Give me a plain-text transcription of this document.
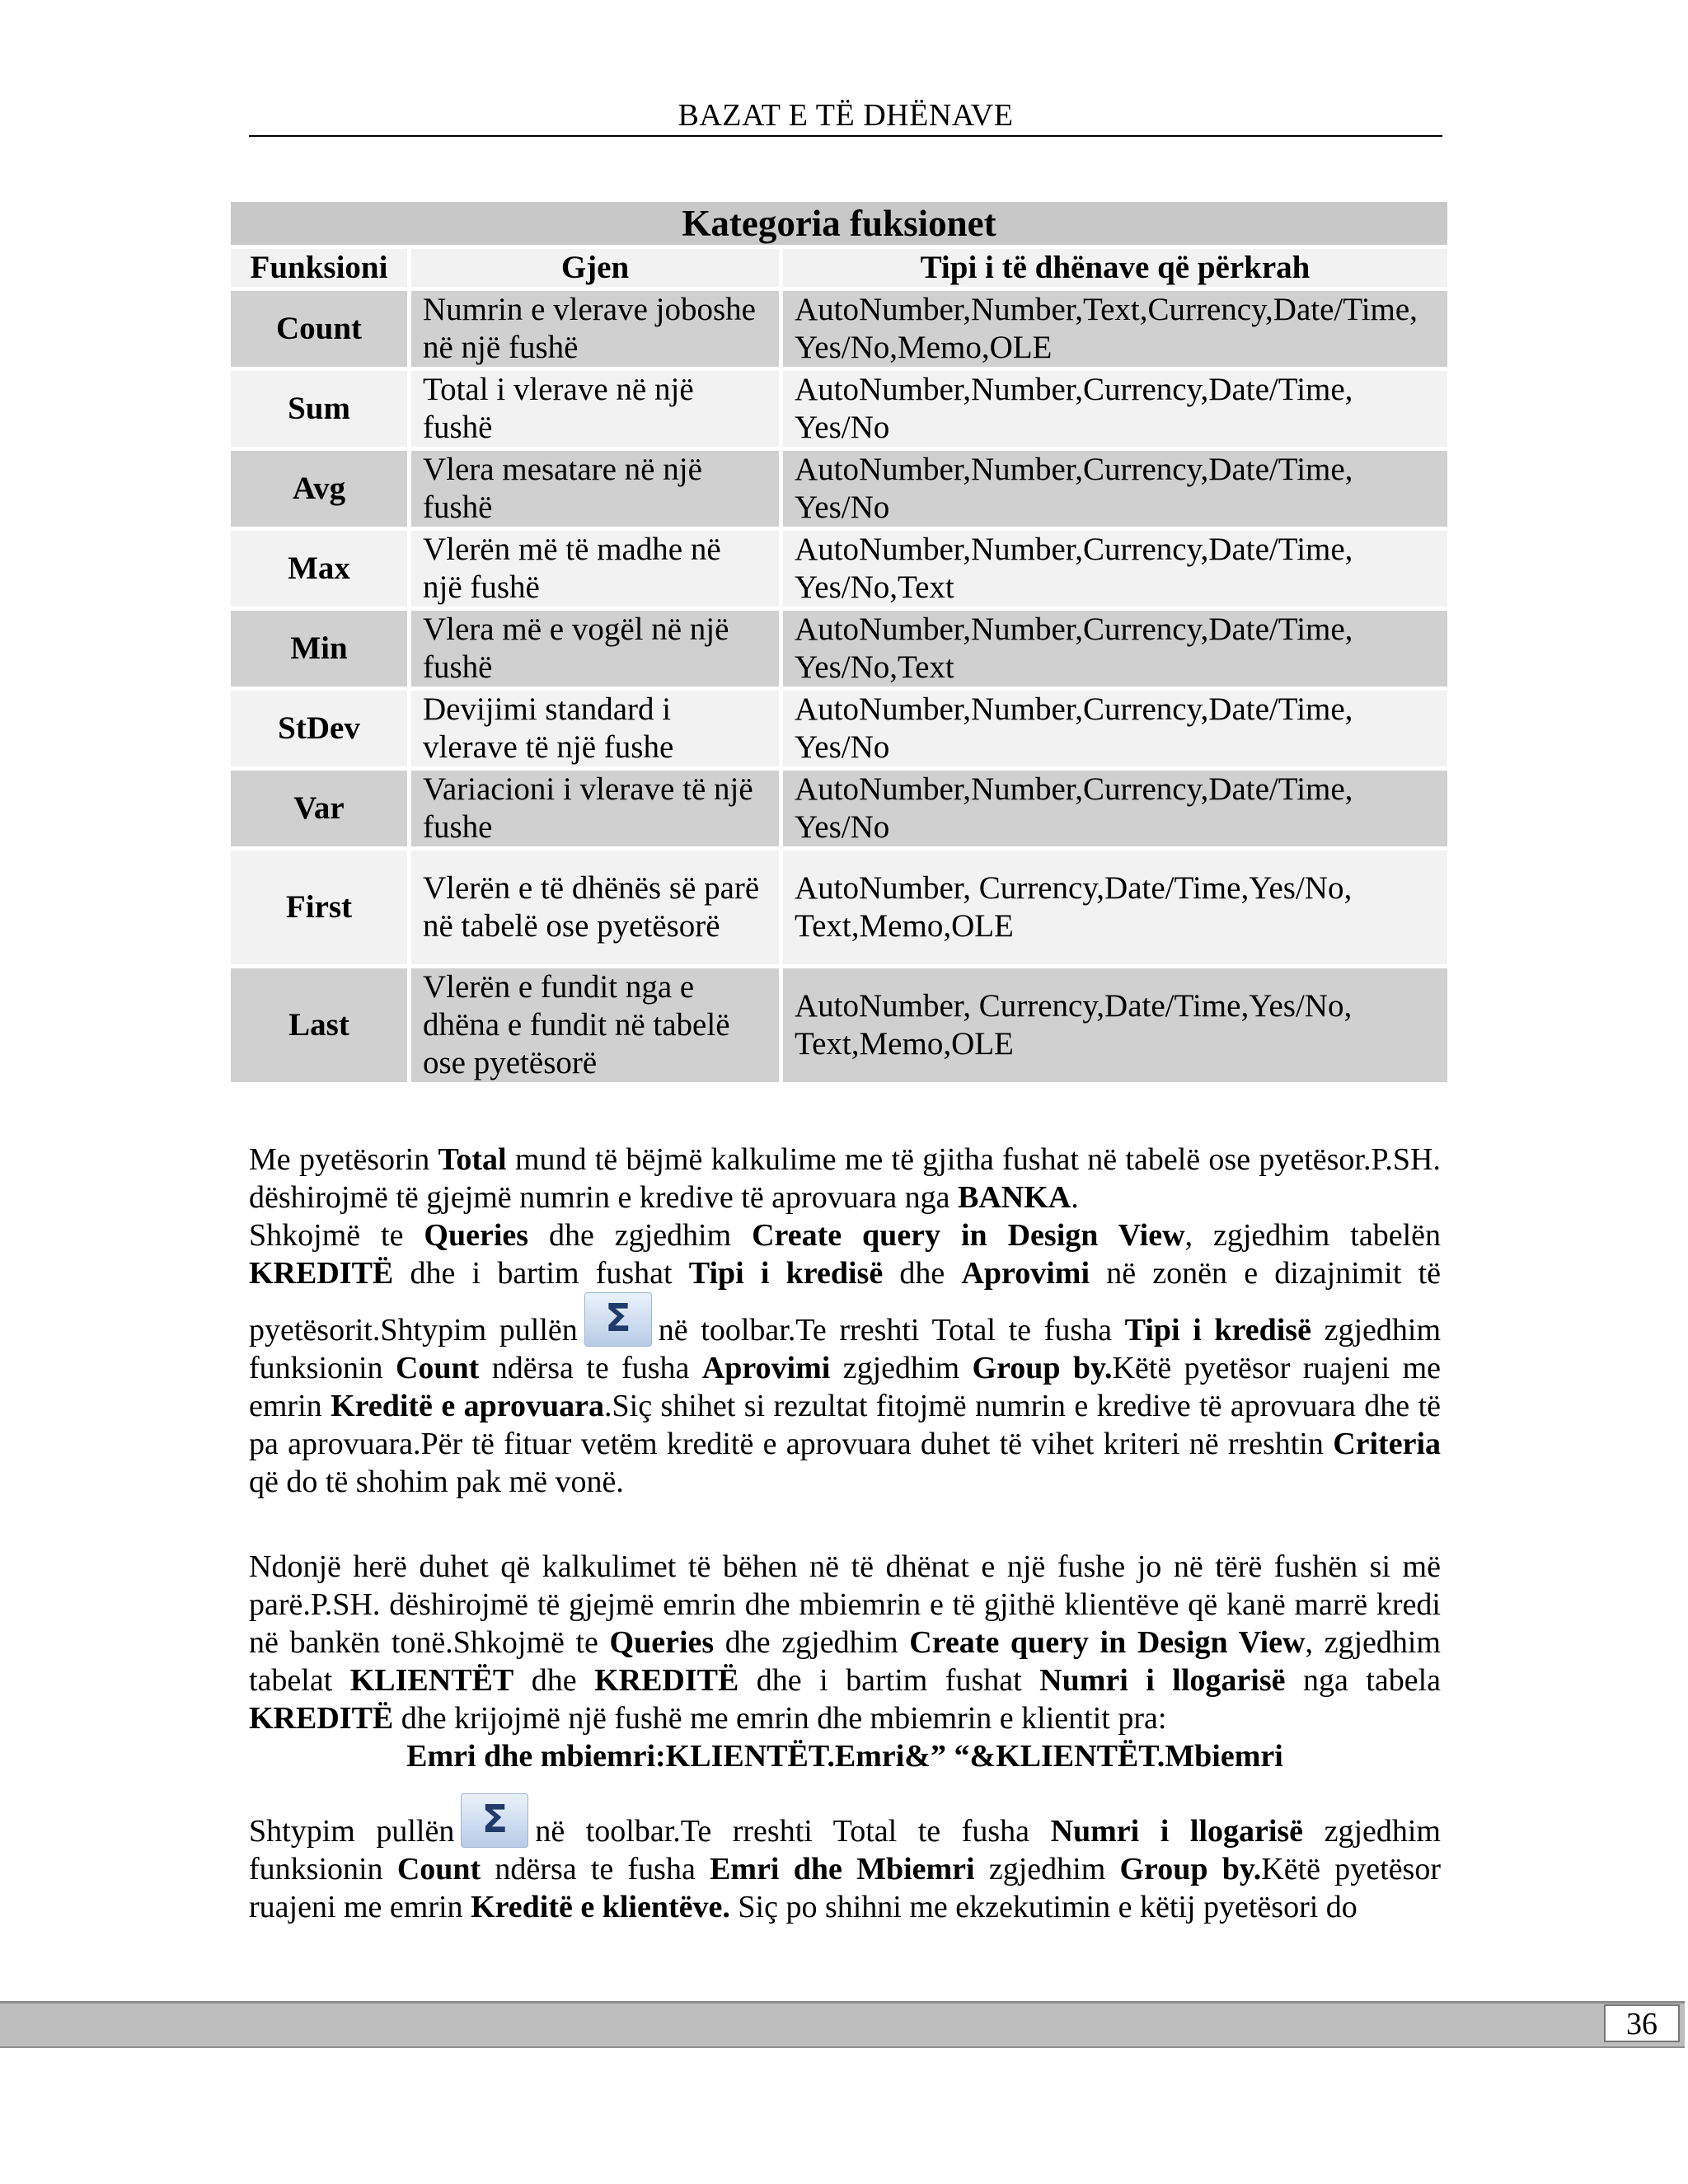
BAZAT E TË DHËNAVE
Kategoria fuksionet		
Funksioni	Gjen	Tipi i të dhënave që përkrah
Count	Numrin e vlerave joboshe në një fushë	AutoNumber,Number,Text,Currency,Date/Time, Yes/No,Memo,OLE
Sum	Total i vlerave në një fushë	AutoNumber,Number,Currency,Date/Time, Yes/No
Avg	Vlera mesatare në një fushë	AutoNumber,Number,Currency,Date/Time, Yes/No
Max	Vlerën më të madhe në një fushë	AutoNumber,Number,Currency,Date/Time, Yes/No,Text
Min	Vlera më e vogël në një fushë	AutoNumber,Number,Currency,Date/Time, Yes/No,Text
StDev	Devijimi standard i vlerave të një fushe	AutoNumber,Number,Currency,Date/Time, Yes/No
Var	Variacioni i vlerave të një fushe	AutoNumber,Number,Currency,Date/Time, Yes/No
First	Vlerën e të dhënës së parë në tabelë ose pyetësorë	AutoNumber, Currency,Date/Time,Yes/No, Text,Memo,OLE
Last	Vlerën e fundit nga e dhëna e fundit në tabelë ose pyetësorë	AutoNumber, Currency,Date/Time,Yes/No, Text,Memo,OLE

Me pyetësorin Total mund të bëjmë kalkulime me të gjitha fushat në tabelë ose pyetësor.P.SH. dëshirojmë të gjejmë numrin e kredive të aprovuara nga BANKA.

Shkojmë te Queries dhe zgjedhim Create query in Design View, zgjedhim tabelën KREDITË dhe i bartim fushat Tipi i kredisë dhe Aprovimi në zonën e dizajnimit të pyetësorit.Shtypim pullën Σ në toolbar.Te rreshti Total te fusha Tipi i kredisë zgjedhim funksionin Count ndërsa te fusha Aprovimi zgjedhim Group by.Këtë pyetësor ruajeni me emrin Kreditë e aprovuara.Siç shihet si rezultat fitojmë numrin e kredive të aprovuara dhe të pa aprovuara.Për të fituar vetëm kreditë e aprovuara duhet të vihet kriteri në rreshtin Criteria që do të shohim pak më vonë.

Ndonjë herë duhet që kalkulimet të bëhen në të dhënat e një fushe jo në tërë fushën si më parë.P.SH. dëshirojmë të gjejmë emrin dhe mbiemrin e të gjithë klientëve që kanë marrë kredi në bankën tonë.Shkojmë te Queries dhe zgjedhim Create query in Design View, zgjedhim tabelat KLIENTËT dhe KREDITË dhe i bartim fushat Numri i llogarisë nga tabela KREDITË dhe krijojmë një fushë me emrin dhe mbiemrin e klientit pra:

Emri dhe mbiemri:KLIENTËT.Emri&” “&KLIENTËT.Mbiemri

Shtypim pullën Σ në toolbar.Te rreshti Total te fusha Numri i llogarisë zgjedhim funksionin Count ndërsa te fusha Emri dhe Mbiemri zgjedhim Group by.Këtë pyetësor ruajeni me emrin Kreditë e klientëve. Siç po shihni me ekzekutimin e këtij pyetësori do

36
